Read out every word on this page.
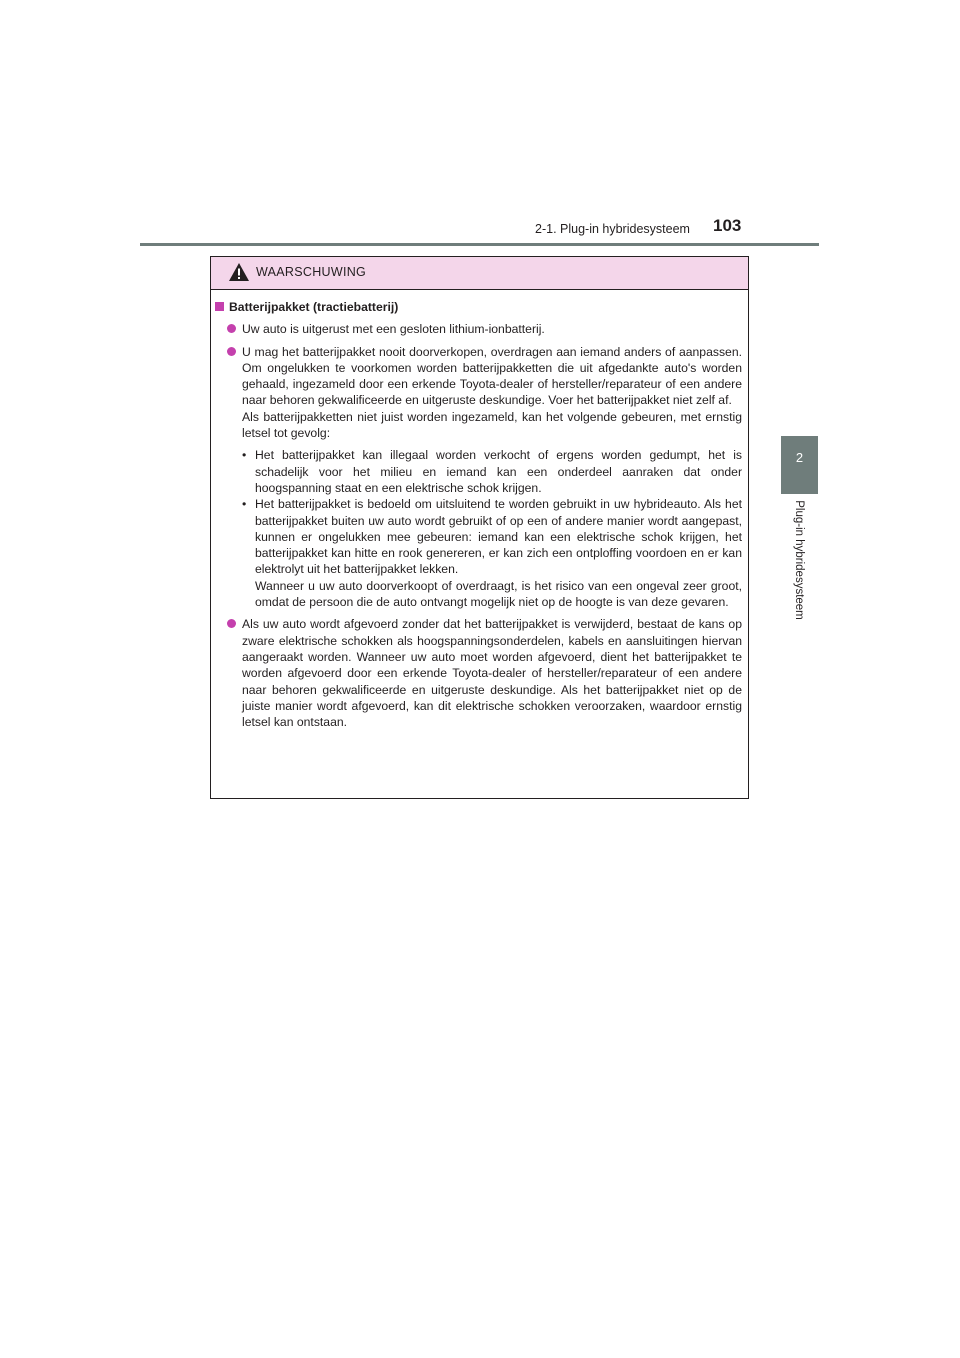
2-1. Plug-in hybridesysteem 103
2
Plug-in hybridesysteem
WAARSCHUWING
Batterijpakket (tractiebatterij)

Uw auto is uitgerust met een gesloten lithium-ionbatterij.

U mag het batterijpakket nooit doorverkopen, overdragen aan iemand anders of aanpassen. Om ongelukken te voorkomen worden batterijpakketten die uit afgedankte auto's worden gehaald, ingezameld door een erkende Toyota-dealer of hersteller/reparateur of een andere naar behoren gekwalificeerde en uitgeruste deskundige. Voer het batterijpakket niet zelf af.

Als batterijpakketten niet juist worden ingezameld, kan het volgende gebeuren, met ernstig letsel tot gevolg:

• Het batterijpakket kan illegaal worden verkocht of ergens worden gedumpt, het is schadelijk voor het milieu en iemand kan een onderdeel aanraken dat onder hoogspanning staat en een elektrische schok krijgen.

• Het batterijpakket is bedoeld om uitsluitend te worden gebruikt in uw hybrideauto. Als het batterijpakket buiten uw auto wordt gebruikt of op een of andere manier wordt aangepast, kunnen er ongelukken mee gebeuren: iemand kan een elektrische schok krijgen, het batterijpakket kan hitte en rook genereren, er kan zich een ontploffing voordoen en er kan elektrolyt uit het batterijpakket lekken.

Wanneer u uw auto doorverkoopt of overdraagt, is het risico van een ongeval zeer groot, omdat de persoon die de auto ontvangt mogelijk niet op de hoogte is van deze gevaren.

Als uw auto wordt afgevoerd zonder dat het batterijpakket is verwijderd, bestaat de kans op zware elektrische schokken als hoogspanningsonderdelen, kabels en aansluitingen hiervan aangeraakt worden. Wanneer uw auto moet worden afgevoerd, dient het batterijpakket te worden afgevoerd door een erkende Toyota-dealer of hersteller/reparateur of een andere naar behoren gekwalificeerde en uitgeruste deskundige. Als het batterijpakket niet op de juiste manier wordt afgevoerd, kan dit elektrische schokken veroorzaken, waardoor ernstig letsel kan ontstaan.
